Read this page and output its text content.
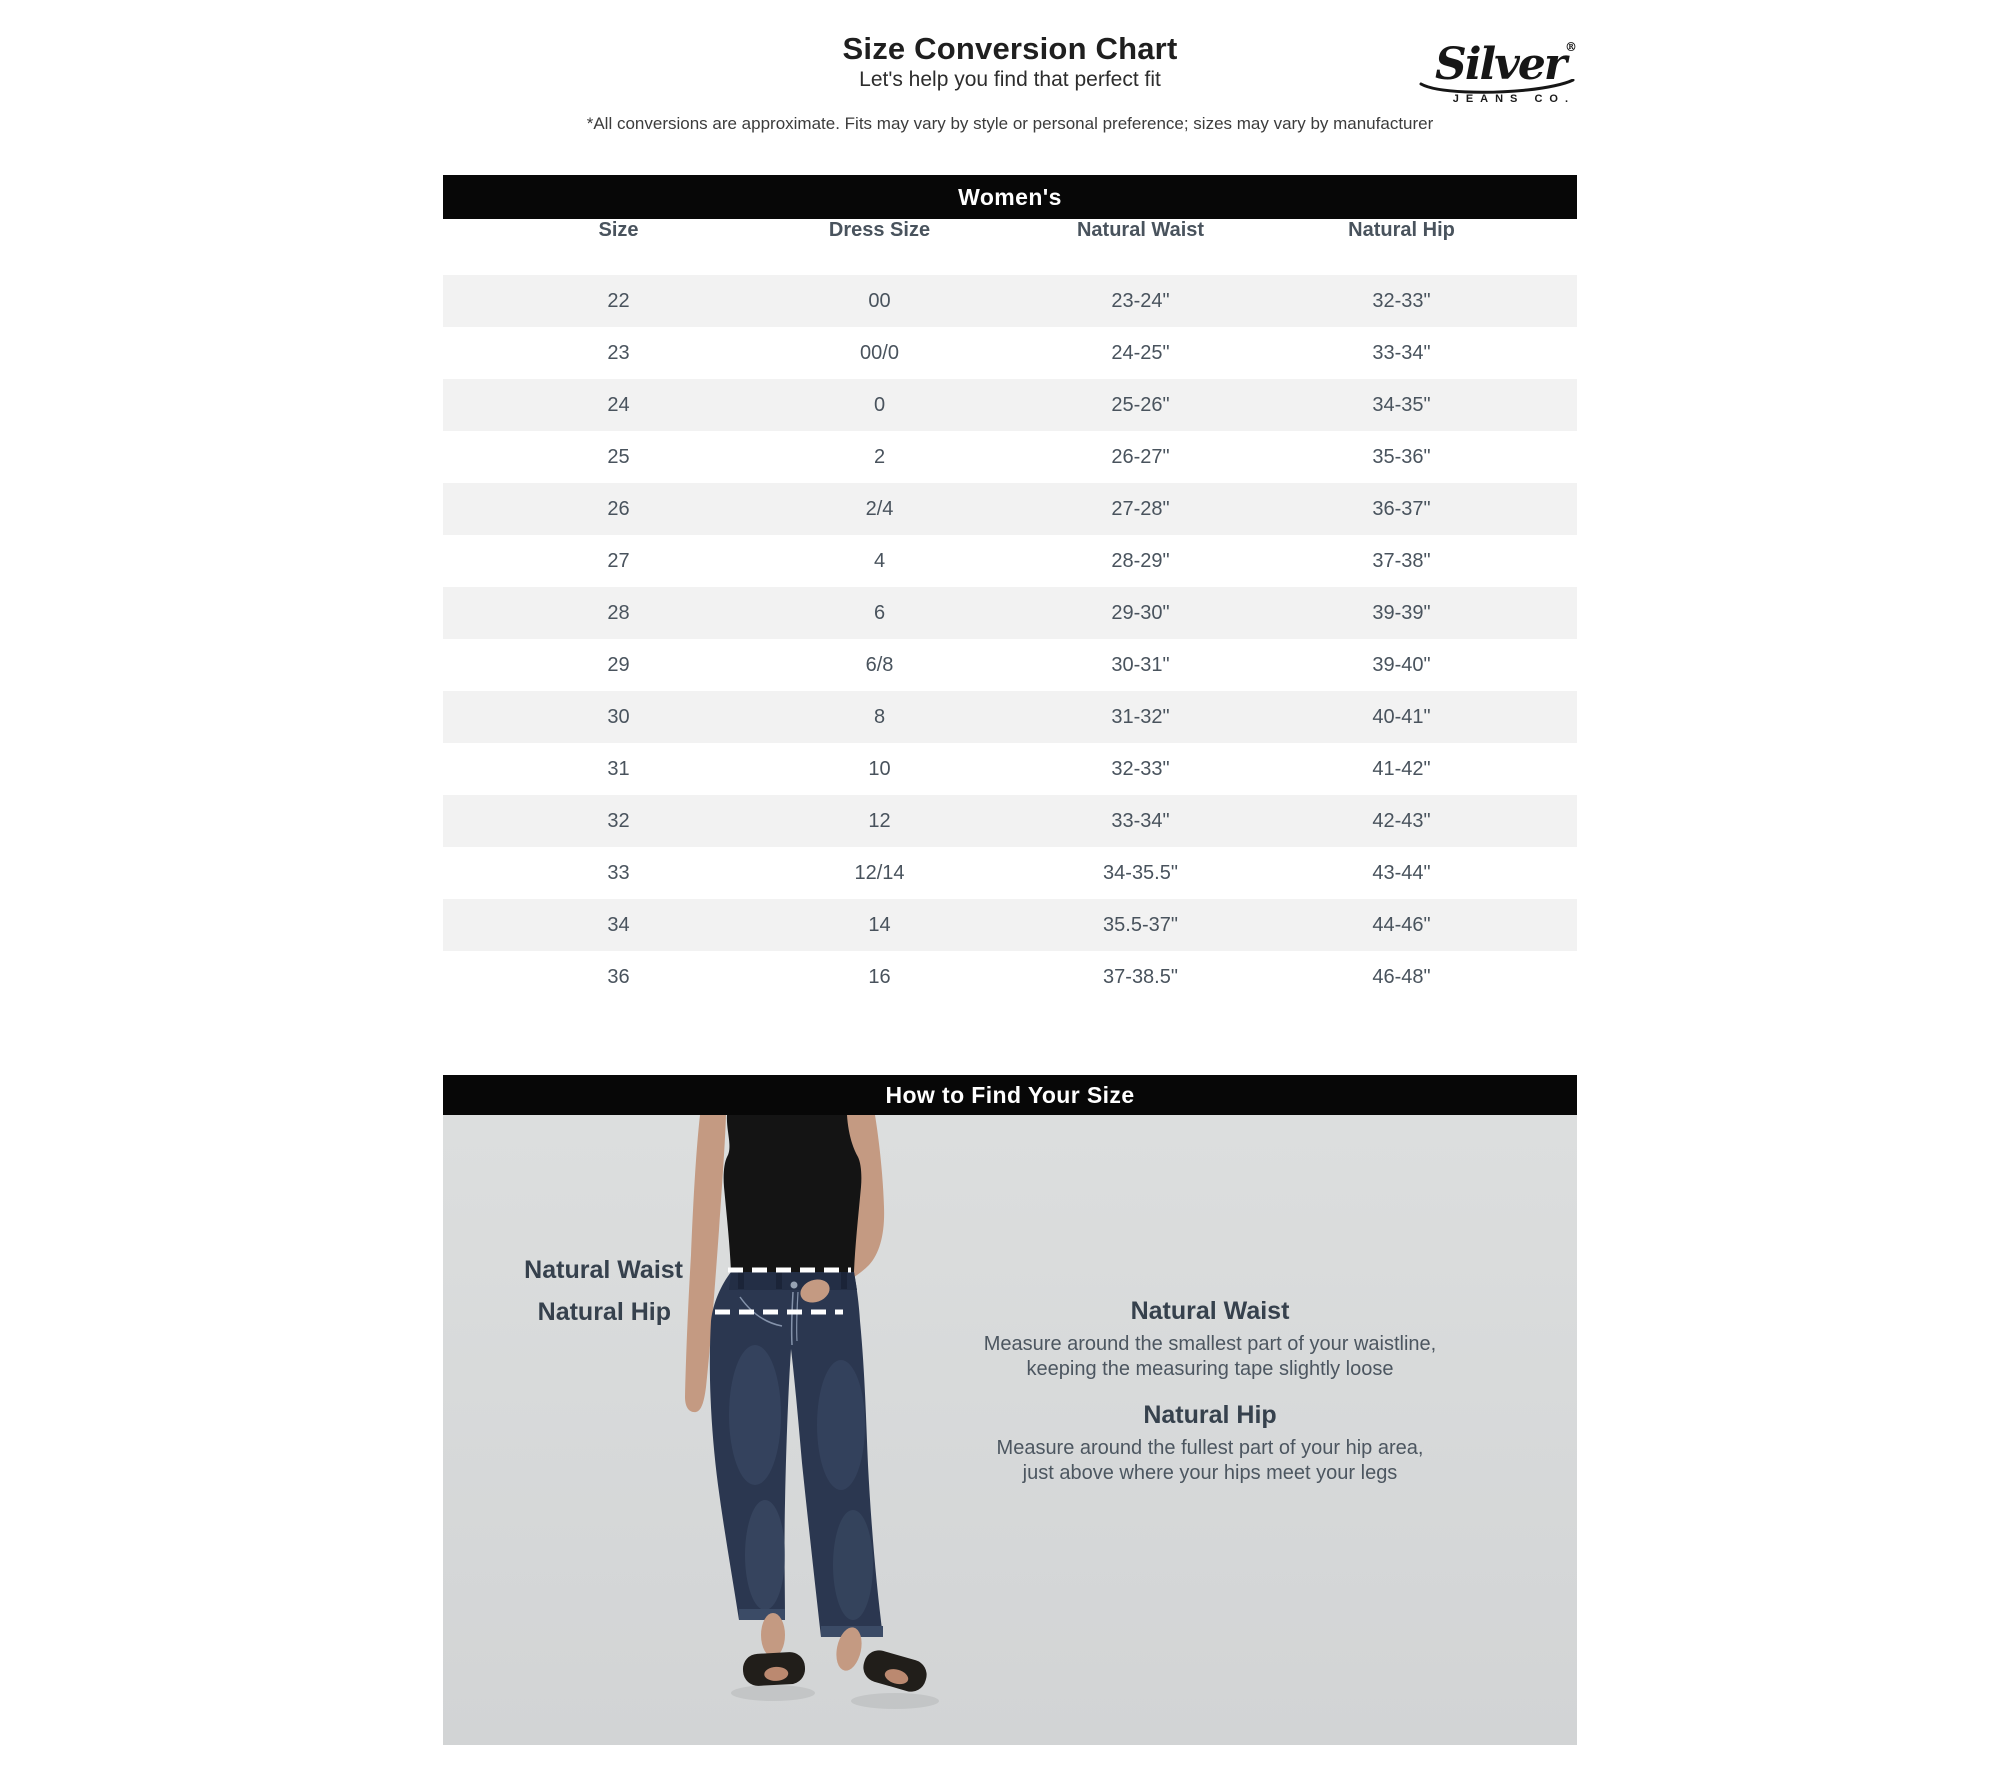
Size Conversion Chart
Let's help you find that perfect fit	Silver®
JEANS CO.
*All conversions are approximate. Fits may vary by style or personal preference; sizes may vary by manufacturer
Women's
Size	Dress Size	Natural Waist	Natural Hip
22	00	23-24"	32-33"
23	00/0	24-25"	33-34"
24	0	25-26"	34-35"
25	2	26-27"	35-36"
26	2/4	27-28"	36-37"
27	4	28-29"	37-38"
28	6	29-30"	39-39"
29	6/8	30-31"	39-40"
30	8	31-32"	40-41"
31	10	32-33"	41-42"
32	12	33-34"	42-43"
33	12/14	34-35.5"	43-44"
34	14	35.5-37"	44-46"
36	16	37-38.5"	46-48"
How to Find Your Size
Natural Waist
Natural Hip	Natural Waist

Measure around the smallest part of your waistline,

keeping the measuring tape slightly loose

Natural Hip

Measure around the fullest part of your hip area,

just above where your hips meet your legs
